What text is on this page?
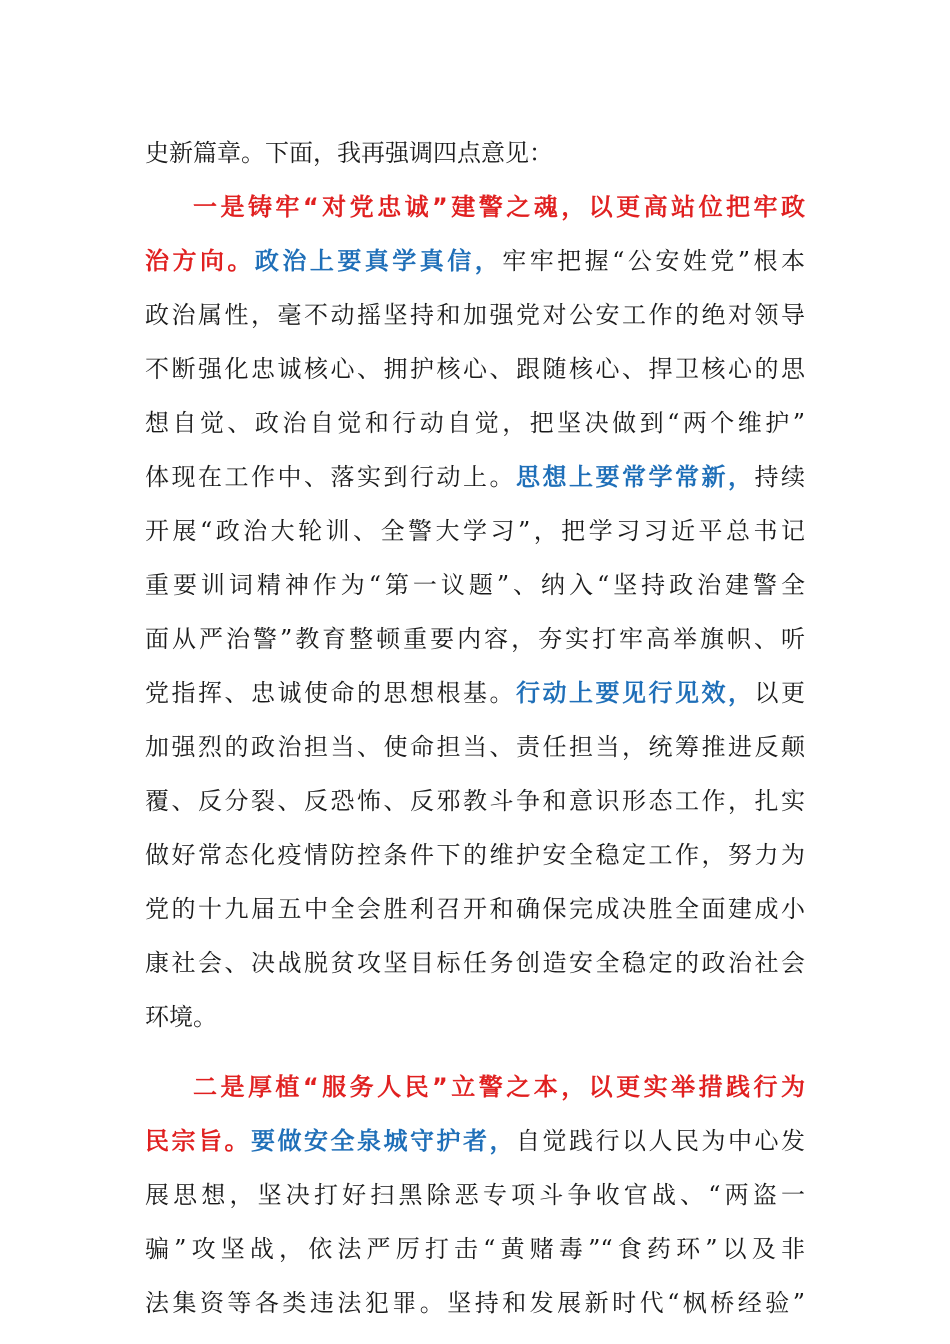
史新篇章。下面，我再强调四点意见：
一是铸牢“对党忠诚”建警之魂，以更高站位把牢政
治方向。政治上要真学真信，牢牢把握“公安姓党”根本
政治属性，毫不动摇坚持和加强党对公安工作的绝对领导
不断强化忠诚核心、拥护核心、跟随核心、捍卫核心的思
想自觉、政治自觉和行动自觉，把坚决做到“两个维护”
体现在工作中、落实到行动上。思想上要常学常新，持续
开展“政治大轮训、全警大学习”，把学习习近平总书记
重要训词精神作为“第一议题”、纳入“坚持政治建警全
面从严治警”教育整顿重要内容，夯实打牢高举旗帜、听
党指挥、忠诚使命的思想根基。行动上要见行见效，以更
加强烈的政治担当、使命担当、责任担当，统筹推进反颠
覆、反分裂、反恐怖、反邪教斗争和意识形态工作，扎实
做好常态化疫情防控条件下的维护安全稳定工作，努力为
党的十九届五中全会胜利召开和确保完成决胜全面建成小
康社会、决战脱贫攻坚目标任务创造安全稳定的政治社会
环境。
二是厚植“服务人民”立警之本，以更实举措践行为
民宗旨。要做安全泉城守护者，自觉践行以人民为中心发
展思想，坚决打好扫黑除恶专项斗争收官战、“两盗一
骗”攻坚战，依法严厉打击“黄赌毒”“食药环”以及非
法集资等各类违法犯罪。坚持和发展新时代“枫桥经验”
